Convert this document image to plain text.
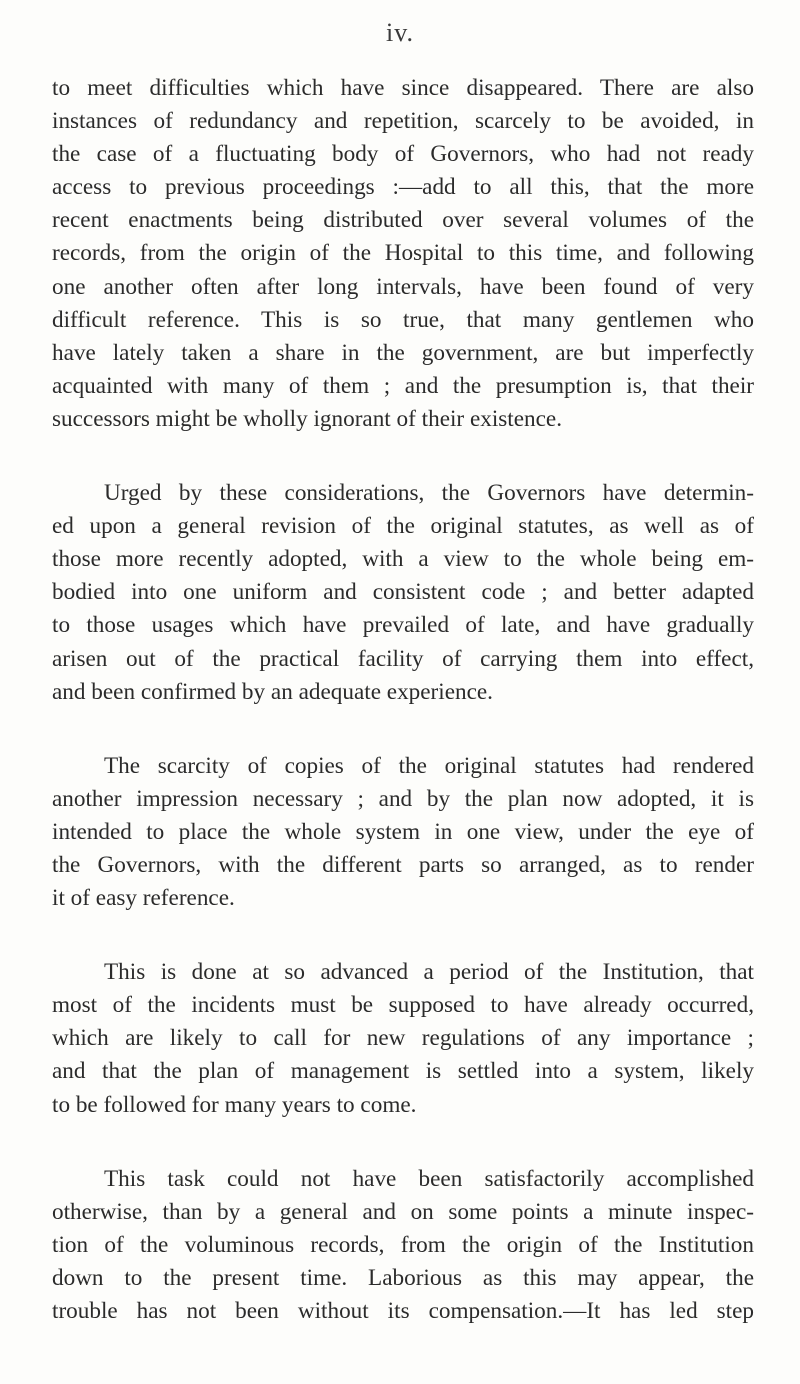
iv.

to meet difficulties which have since disappeared. There are also
instances of redundancy and repetition, scarcely to be avoided, in
the case of a fluctuating body of Governors, who had not ready
access to previous proceedings :—add to all this, that the more
recent enactments being distributed over several volumes of the
records, from the origin of the Hospital to this time, and following
one another often after long intervals, have been found of very
difficult reference. This is so true, that many gentlemen who
have lately taken a share in the government, are but imperfectly
acquainted with many of them ; and the presumption is, that their
successors might be wholly ignorant of their existence.

Urged by these considerations, the Governors have determin-
ed upon a general revision of the original statutes, as well as of
those more recently adopted, with a view to the whole being em-
bodied into one uniform and consistent code ; and better adapted
to those usages which have prevailed of late, and have gradually
arisen out of the practical facility of carrying them into effect,
and been confirmed by an adequate experience.

The scarcity of copies of the original statutes had rendered
another impression necessary ; and by the plan now adopted, it is
intended to place the whole system in one view, under the eye of
the Governors, with the different parts so arranged, as to render
it of easy reference.

This is done at so advanced a period of the Institution, that
most of the incidents must be supposed to have already occurred,
which are likely to call for new regulations of any importance ;
and that the plan of management is settled into a system, likely
to be followed for many years to come.

This task could not have been satisfactorily accomplished
otherwise, than by a general and on some points a minute inspec-
tion of the voluminous records, from the origin of the Institution
down to the present time. Laborious as this may appear, the
trouble has not been without its compensation.—It has led step
